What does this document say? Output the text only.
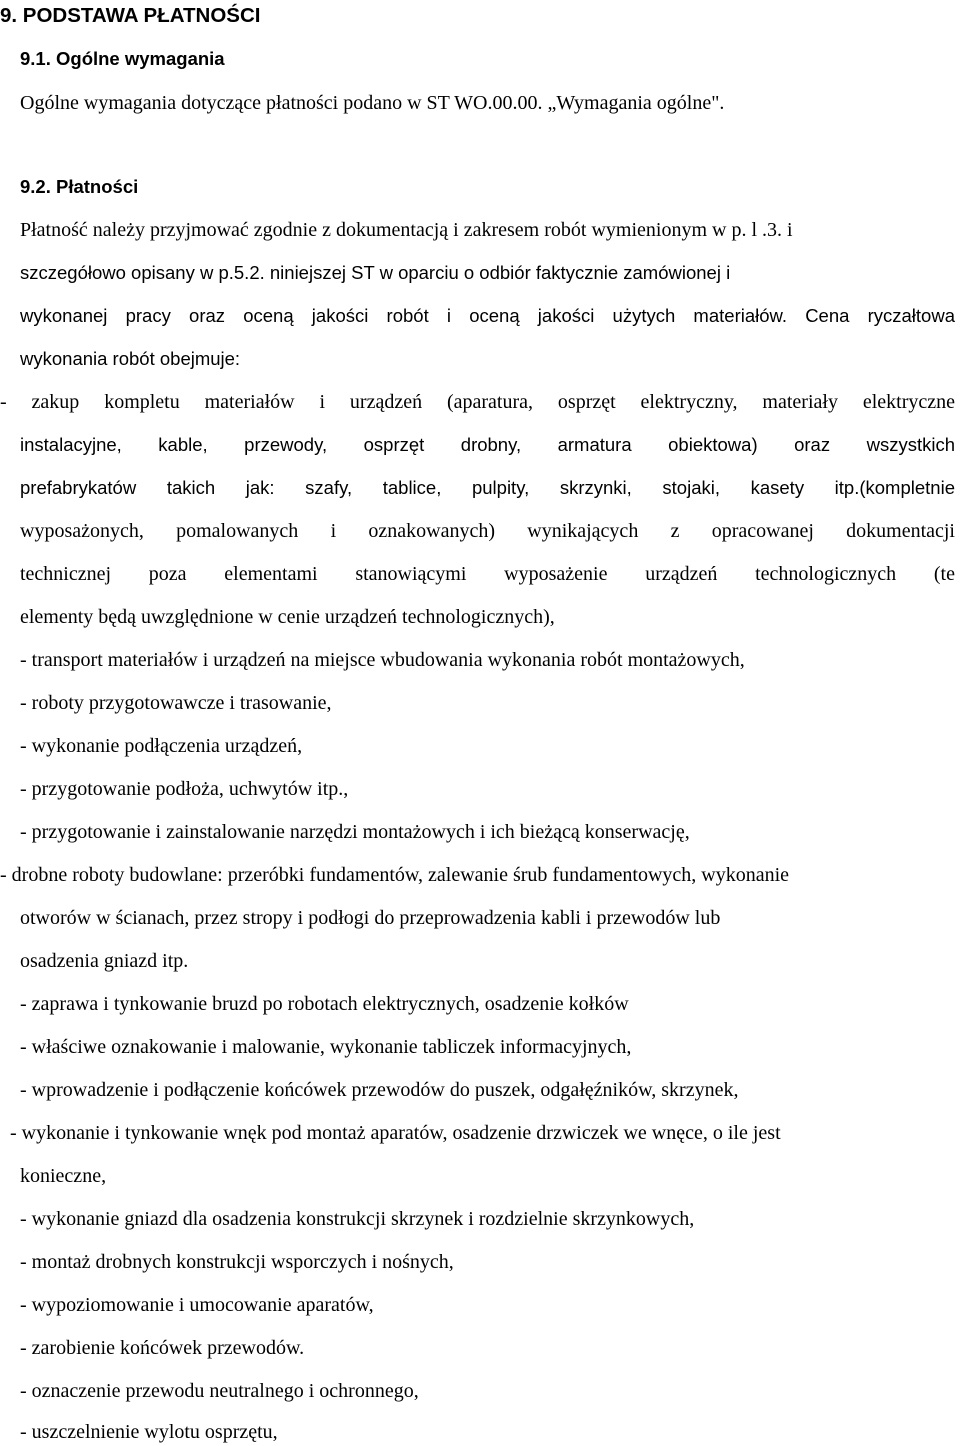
9. PODSTAWA PŁATNOŚCI
9.1. Ogólne wymagania
Ogólne wymagania dotyczące płatności podano w ST WO.00.00. „Wymagania ogólne".
9.2. Płatności
Płatność należy przyjmować zgodnie z dokumentacją i zakresem robót wymienionym w p. l .3. i
szczegółowo opisany w p.5.2. niniejszej ST w oparciu o odbiór faktycznie zamówionej i
wykonanej pracy oraz oceną jakości robót i oceną jakości użytych materiałów. Cena ryczałtowa
wykonania robót obejmuje:
- zakup kompletu materiałów i urządzeń (aparatura, osprzęt elektryczny, materiały elektryczne
instalacyjne, kable, przewody, osprzęt drobny, armatura obiektowa) oraz wszystkich
prefabrykatów takich jak: szafy, tablice, pulpity, skrzynki, stojaki, kasety itp.(kompletnie
wyposażonych, pomalowanych i oznakowanych) wynikających z opracowanej dokumentacji
technicznej poza elementami stanowiącymi wyposażenie urządzeń technologicznych (te
elementy będą uwzględnione w cenie urządzeń technologicznych),
- transport materiałów i urządzeń na miejsce wbudowania wykonania robót montażowych,
- roboty przygotowawcze i trasowanie,
- wykonanie podłączenia urządzeń,
- przygotowanie podłoża, uchwytów itp.,
- przygotowanie i zainstalowanie narzędzi montażowych i ich bieżącą konserwację,
- drobne roboty budowlane: przeróbki fundamentów, zalewanie śrub fundamentowych, wykonanie
otworów w ścianach, przez stropy i podłogi do przeprowadzenia kabli i przewodów lub
osadzenia gniazd itp.
- zaprawa i tynkowanie bruzd po robotach elektrycznych, osadzenie kołków
- właściwe oznakowanie i malowanie, wykonanie tabliczek informacyjnych,
- wprowadzenie i podłączenie końcówek przewodów do puszek, odgałęźników, skrzynek,
- wykonanie i tynkowanie wnęk pod montaż aparatów, osadzenie drzwiczek we wnęce, o ile jest
konieczne,
- wykonanie gniazd dla osadzenia konstrukcji skrzynek i rozdzielnie skrzynkowych,
- montaż drobnych konstrukcji wsporczych i nośnych,
- wypoziomowanie i umocowanie aparatów,
- zarobienie końcówek przewodów.
- oznaczenie przewodu neutralnego i ochronnego,
- uszczelnienie wylotu osprzętu,
